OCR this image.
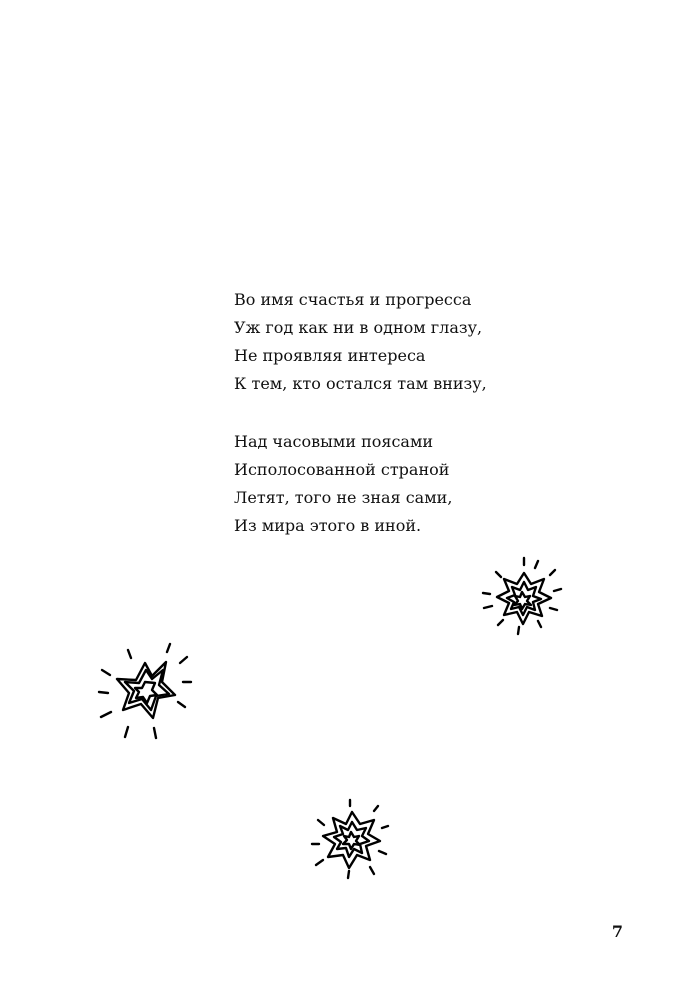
Во имя счастья и прогресса
Уж год как ни в одном глазу,
Не проявляя интереса
К тем, кто остался там внизу,
Над часовыми поясами
Исполосованной страной
Летят, того не зная сами,
Из мира этого в иной.
7
